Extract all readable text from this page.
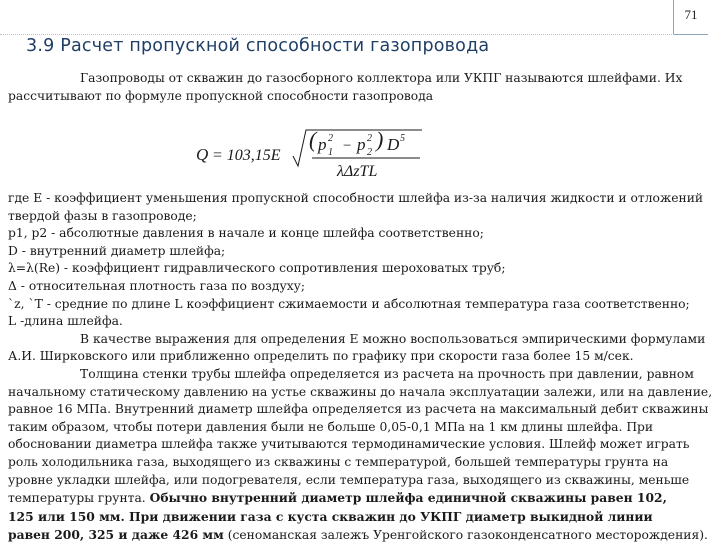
71
3.9 Расчет пропускной способности газопровода
Газопроводы от скважин до газосборного коллектора или УКПГ называются шлейфами. Их
рассчитывают по формуле пропускной способности газопровода
Q = 103,15E
( p 2
1 − p 2
2
) D 5
λΔzTL
где E - коэффициент уменьшения пропускной способности шлейфа из-за наличия жидкости и отложений
твердой фазы в газопроводе;
p1, p2 - абсолютные давления в начале и конце шлейфа соответственно;
D - внутренний диаметр шлейфа;
λ=λ(Re) - коэффициент гидравлического сопротивления шероховатых труб;
Δ - относительная плотность газа по воздуху;
`z, `T - средние по длине L коэффициент сжимаемости и абсолютная температура газа соответственно;
L -длина шлейфа.
В качестве выражения для определения E можно воспользоваться эмпирическими формулами
А.И. Ширковского или приближенно определить по графику при скорости газа более 15 м/сек.
Толщина стенки трубы шлейфа определяется из расчета на прочность при давлении, равном
начальному статическому давлению на устье скважины до начала эксплуатации залежи, или на давление,
равное 16 МПа. Внутренний диаметр шлейфа определяется из расчета на максимальный дебит скважины
таким образом, чтобы потери давления были не больше 0,05-0,1 МПа на 1 км длины шлейфа. При
обосновании диаметра шлейфа также учитываются термодинамические условия. Шлейф может играть
роль холодильника газа, выходящего из скважины с температурой, большей температуры грунта на
уровне укладки шлейфа, или подогревателя, если температура газа, выходящего из скважины, меньше
температуры грунта. Обычно внутренний диаметр шлейфа единичной скважины равен 102,
125 или 150 мм. При движении газа с куста скважин до УКПГ диаметр выкидной линии
равен 200, 325 и даже 426 мм (сеноманская залежъ Уренгойского газоконденсатного месторождения).
